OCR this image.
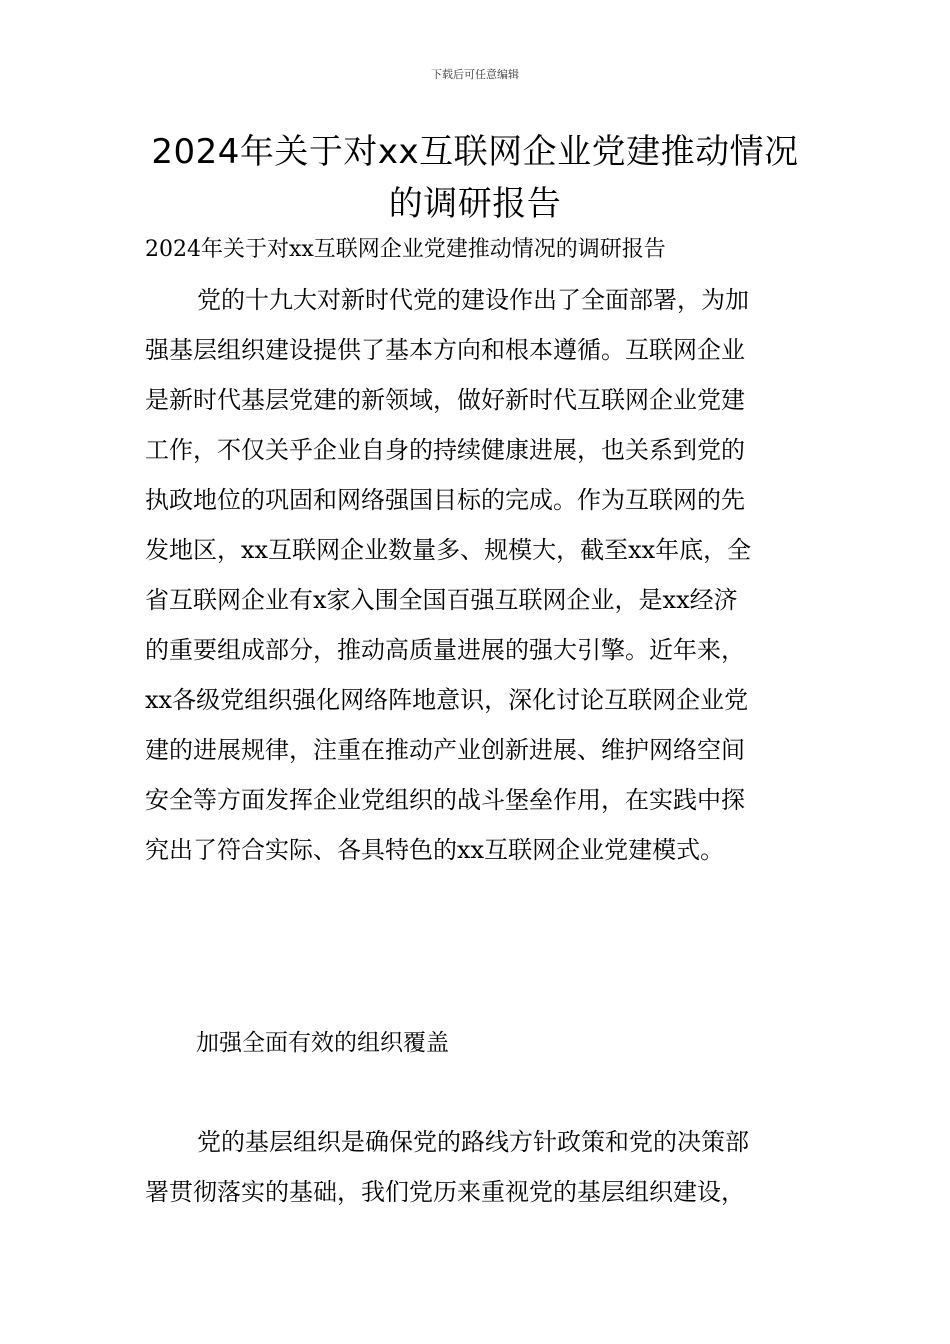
下载后可任意编辑
2024年关于对xx互联网企业党建推动情况
的调研报告
2024年关于对xx互联网企业党建推动情况的调研报告

党的十九大对新时代党的建设作出了全面部署，为加
强基层组织建设提供了基本方向和根本遵循。互联网企业
是新时代基层党建的新领域，做好新时代互联网企业党建
工作，不仅关乎企业自身的持续健康进展，也关系到党的
执政地位的巩固和网络强国目标的完成。作为互联网的先
发地区，xx互联网企业数量多、规模大，截至xx年底，全
省互联网企业有x家入围全国百强互联网企业，是xx经济
的重要组成部分，推动高质量进展的强大引擎。近年来，
xx各级党组织强化网络阵地意识，深化讨论互联网企业党
建的进展规律，注重在推动产业创新进展、维护网络空间
安全等方面发挥企业党组织的战斗堡垒作用，在实践中探
究出了符合实际、各具特色的xx互联网企业党建模式。

加强全面有效的组织覆盖

党的基层组织是确保党的路线方针政策和党的决策部
署贯彻落实的基础，我们党历来重视党的基层组织建设，
